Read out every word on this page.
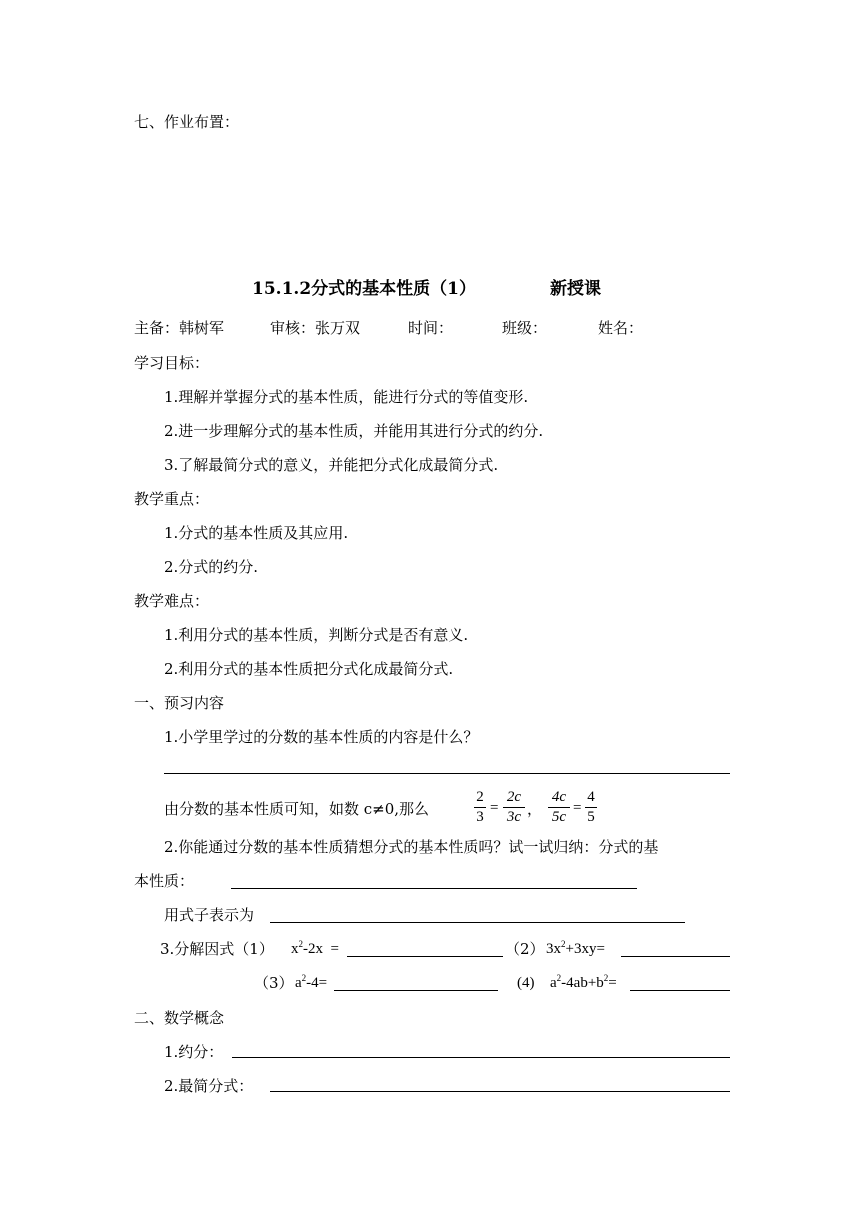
七、作业布置：
15.1.2分式的基本性质（1）	新授课
主备：韩树军	审核：张万双	时间：	班级：	姓名：
学习目标：
1.理解并掌握分式的基本性质，能进行分式的等值变形.
2.进一步理解分式的基本性质，并能用其进行分式的约分.
3.了解最简分式的意义，并能把分式化成最简分式.
教学重点：
1.分式的基本性质及其应用.
2.分式的约分.
教学难点：
1.利用分式的基本性质，判断分式是否有意义.
2.利用分式的基本性质把分式化成最简分式.
一、预习内容
1.小学里学过的分数的基本性质的内容是什么？
由分数的基本性质可知，如数 c≠0,那么
2
3
=
2c
3c ，
4c
5c
=
4
5
2.你能通过分数的基本性质猜想分式的基本性质吗？试一试归纳：分式的基
本性质：
用式子表示为
3.分解因式（1） $x^2-2x$  =	（2） $3x^2+3xy=$
（3） $a^2-4=$	(4) $a^2-4ab+b^2=$
二、数学概念
1.约分：
2.最简分式：
